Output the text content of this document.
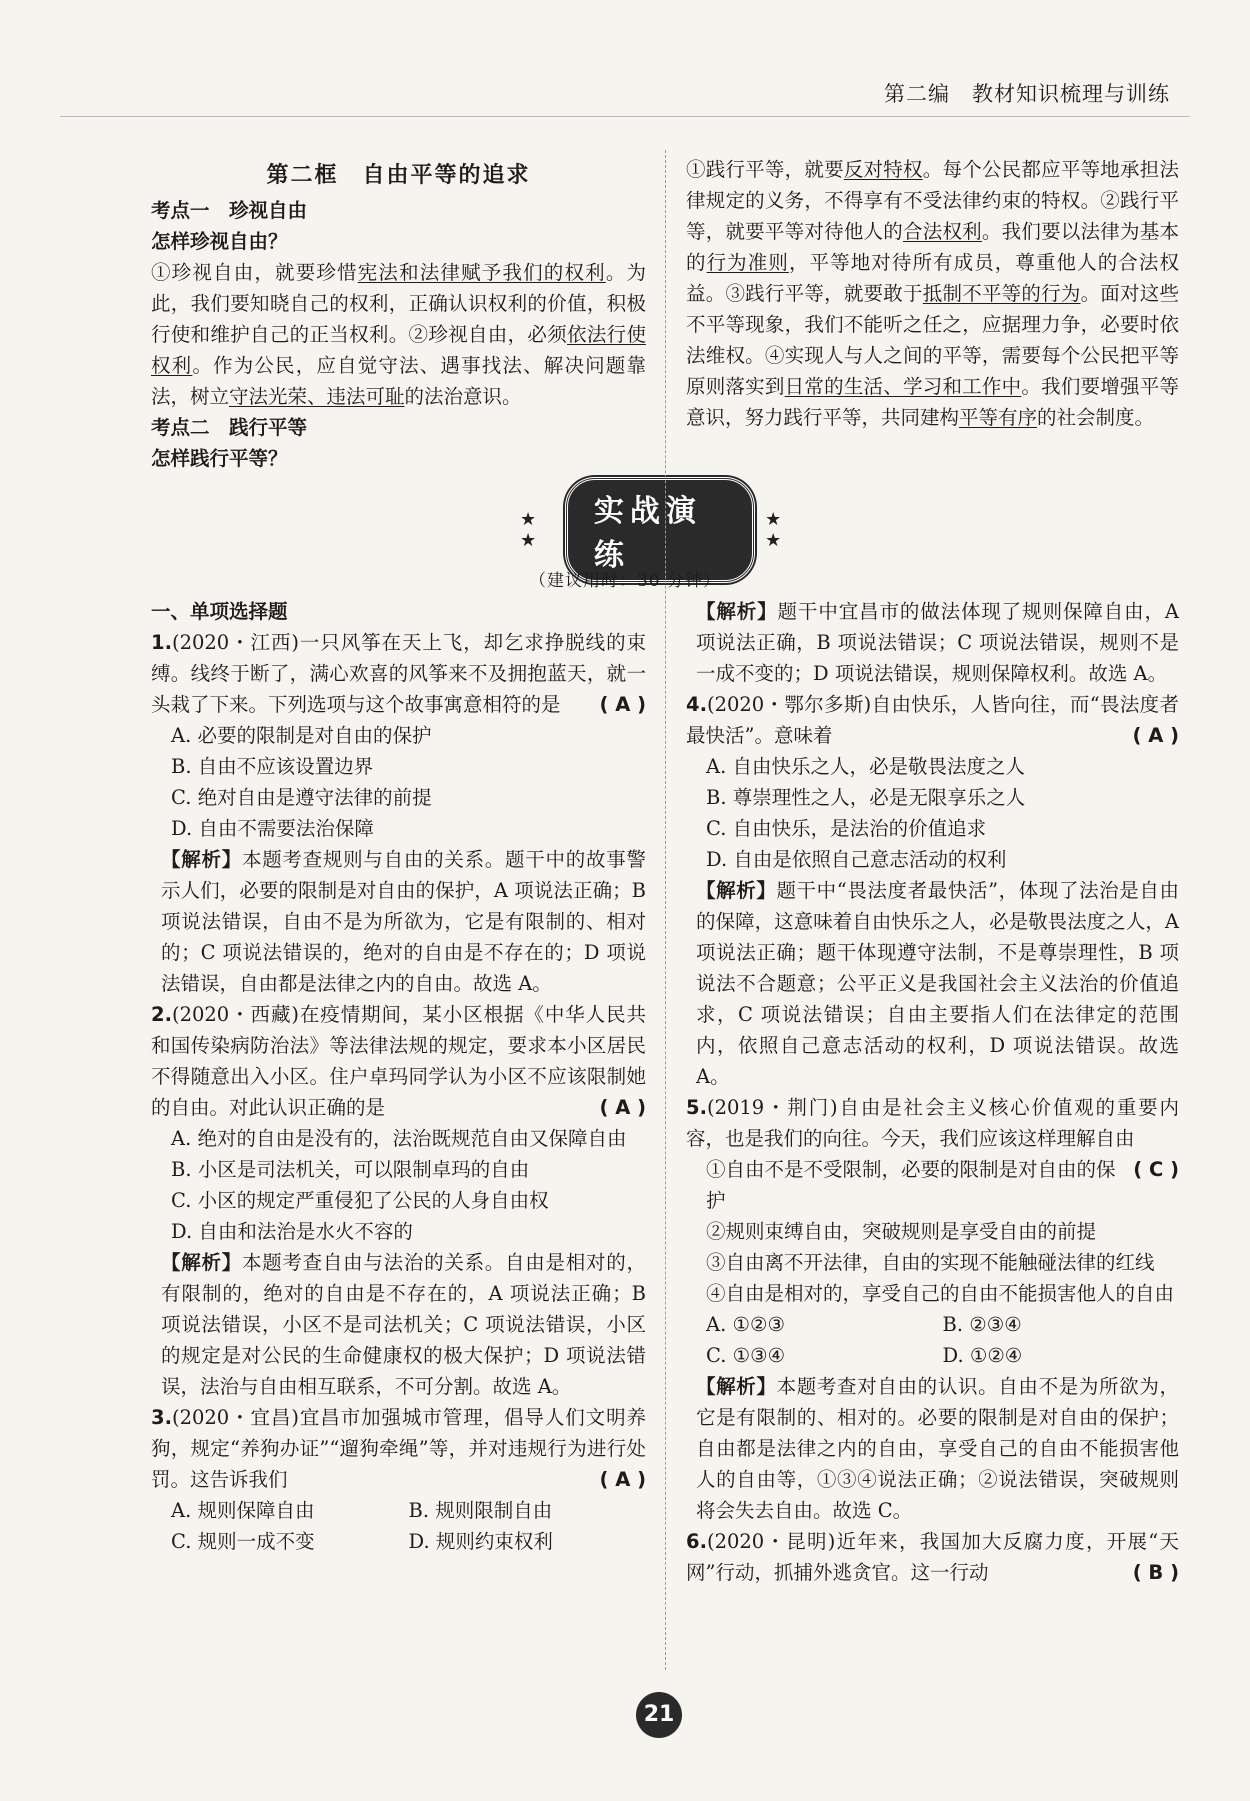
第二编　教材知识梳理与训练
第二框　自由平等的追求
考点一　珍视自由
怎样珍视自由？

①珍视自由，就要珍惜宪法和法律赋予我们的权利。为此，我们要知晓自己的权利，正确认识权利的价值，积极行使和维护自己的正当权利。②珍视自由，必须依法行使权利。作为公民，应自觉守法、遇事找法、解决问题靠法，树立守法光荣、违法可耻的法治意识。

考点二　践行平等
怎样践行平等？

①践行平等，就要反对特权。每个公民都应平等地承担法律规定的义务，不得享有不受法律约束的特权。②践行平等，就要平等对待他人的合法权利。我们要以法律为基本的行为准则，平等地对待所有成员，尊重他人的合法权益。③践行平等，就要敢于抵制不平等的行为。面对这些不平等现象，我们不能听之任之，应据理力争，必要时依法维权。④实现人与人之间的平等，需要每个公民把平等原则落实到日常的生活、学习和工作中。我们要增强平等意识，努力践行平等，共同建构平等有序的社会制度。

★ ★
实战演练
★ ★
（建议用时：30 分钟）
一、单项选择题

1.(2020・江西)一只风筝在天上飞，却乞求挣脱线的束缚。线终于断了，满心欢喜的风筝来不及拥抱蓝天，就一头栽了下来。下列选项与这个故事寓意相符的是 ( A )

A. 必要的限制是对自由的保护
B. 自由不应该设置边界
C. 绝对自由是遵守法律的前提
D. 自由不需要法治保障

【解析】本题考查规则与自由的关系。题干中的故事警示人们，必要的限制是对自由的保护，A 项说法正确；B 项说法错误，自由不是为所欲为，它是有限制的、相对的；C 项说法错误的，绝对的自由是不存在的；D 项说法错误，自由都是法律之内的自由。故选 A。

2.(2020・西藏)在疫情期间，某小区根据《中华人民共和国传染病防治法》等法律法规的规定，要求本小区居民不得随意出入小区。住户卓玛同学认为小区不应该限制她的自由。对此认识正确的是	( A )

A. 绝对的自由是没有的，法治既规范自由又保障自由
B. 小区是司法机关，可以限制卓玛的自由
C. 小区的规定严重侵犯了公民的人身自由权
D. 自由和法治是水火不容的

【解析】本题考查自由与法治的关系。自由是相对的，有限制的，绝对的自由是不存在的，A 项说法正确；B 项说法错误，小区不是司法机关；C 项说法错误，小区的规定是对公民的生命健康权的极大保护；D 项说法错误，法治与自由相互联系，不可分割。故选 A。

3.(2020・宜昌)宜昌市加强城市管理，倡导人们文明养狗，规定“养狗办证”“遛狗牵绳”等，并对违规行为进行处罚。这告诉我们	( A )

A. 规则保障自由	B. 规则限制自由
C. 规则一成不变	D. 规则约束权利

【解析】题干中宜昌市的做法体现了规则保障自由，A 项说法正确，B 项说法错误；C 项说法错误，规则不是一成不变的；D 项说法错误，规则保障权利。故选 A。

4.(2020・鄂尔多斯)自由快乐，人皆向往，而“畏法度者最快活”。意味着	( A )

A. 自由快乐之人，必是敬畏法度之人
B. 尊崇理性之人，必是无限享乐之人
C. 自由快乐，是法治的价值追求
D. 自由是依照自己意志活动的权利

【解析】题干中“畏法度者最快活”，体现了法治是自由的保障，这意味着自由快乐之人，必是敬畏法度之人，A 项说法正确；题干体现遵守法制，不是尊崇理性，B 项说法不合题意；公平正义是我国社会主义法治的价值追求，C 项说法错误；自由主要指人们在法律定的范围内，依照自己意志活动的权利，D 项说法错误。故选 A。

5.(2019・荆门)自由是社会主义核心价值观的重要内容，也是我们的向往。今天，我们应该这样理解自由
( C )

①自由不是不受限制，必要的限制是对自由的保护
②规则束缚自由，突破规则是享受自由的前提
③自由离不开法律，自由的实现不能触碰法律的红线　④自由是相对的，享受自己的自由不能损害他人的自由
A. ①②③	B. ②③④
C. ①③④	D. ①②④

【解析】本题考查对自由的认识。自由不是为所欲为，它是有限制的、相对的。必要的限制是对自由的保护；自由都是法律之内的自由，享受自己的自由不能损害他人的自由等，①③④说法正确；②说法错误，突破规则将会失去自由。故选 C。

6.(2020・昆明)近年来，我国加大反腐力度，开展“天网”行动，抓捕外逃贪官。这一行动	( B )

21
